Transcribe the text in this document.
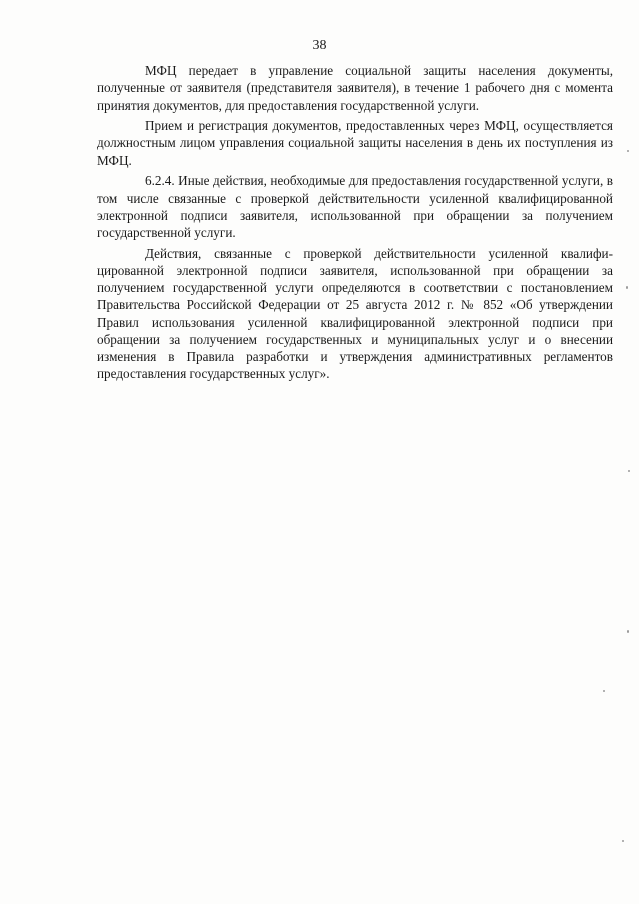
38

МФЦ передает в управление социальной защиты населения документы, полученные от заявителя (представителя заявителя), в течение 1 рабочего дня с момента принятия документов, для предоставления государственной услуги.

Прием и регистрация документов, предоставленных через МФЦ, осуществляется должностным лицом управления социальной защиты населения в день их поступления из МФЦ.

6.2.4. Иные действия, необходимые для предоставления государственной услуги, в том числе связанные с проверкой действительности усиленной квалифицированной электронной подписи заявителя, использованной при обращении за получением государственной услуги.

Действия, связанные с проверкой действительности усиленной квалифицированной электронной подписи заявителя, использованной при обращении за получением государственной услуги определяются в соответствии с постановлением Правительства Российской Федерации от 25 августа 2012 г. № 852 «Об утверждении Правил использования усиленной квалифицированной электронной подписи при обращении за получением государственных и муниципальных услуг и о внесении изменения в Правила разработки и утверждения административных регламентов предоставления государственных услуг».
